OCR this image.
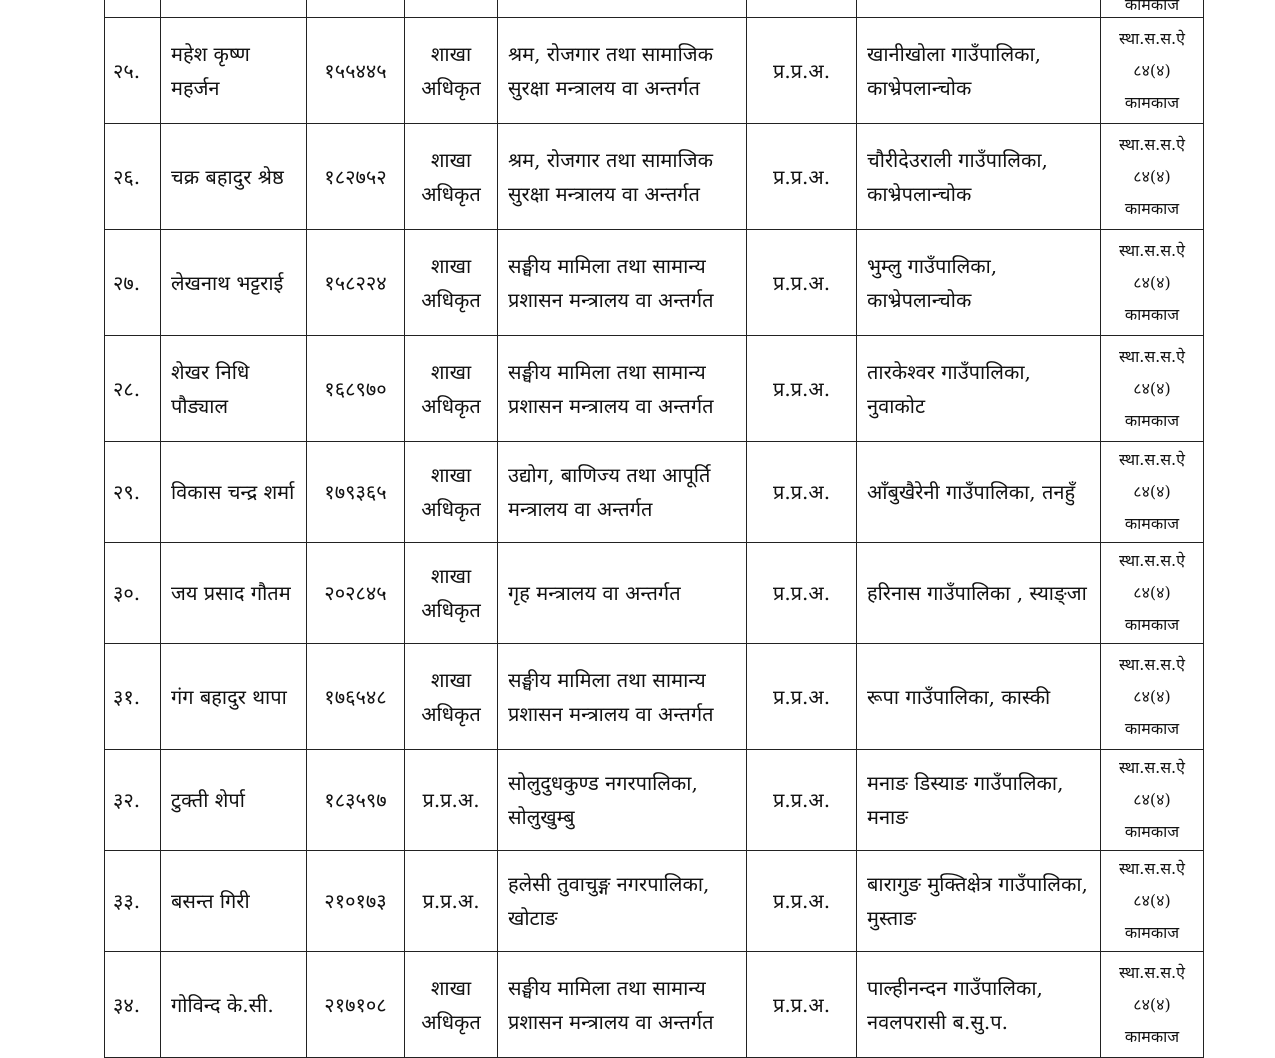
							कामकाज

२५.	महेश कृष्ण महर्जन	१५५४४५	शाखा अधिकृत	श्रम, रोजगार तथा सामाजिक सुरक्षा मन्त्रालय वा अन्तर्गत	प्र.प्र.अ.	खानीखोला गाउँपालिका, काभ्रेपलान्चोक	स्था.स.स.ऐ
८४(४)
कामकाज

२६.	चक्र बहादुर श्रेष्ठ	१८२७५२	शाखा अधिकृत	श्रम, रोजगार तथा सामाजिक सुरक्षा मन्त्रालय वा अन्तर्गत	प्र.प्र.अ.	चौरीदेउराली गाउँपालिका, काभ्रेपलान्चोक	स्था.स.स.ऐ
८४(४)
कामकाज

२७.	लेखनाथ भट्टराई	१५८२२४	शाखा अधिकृत	सङ्घीय मामिला तथा सामान्य प्रशासन मन्त्रालय वा अन्तर्गत	प्र.प्र.अ.	भुम्लु गाउँपालिका, काभ्रेपलान्चोक	स्था.स.स.ऐ
८४(४)
कामकाज

२८.	शेखर निधि पौड्याल	१६८९७०	शाखा अधिकृत	सङ्घीय मामिला तथा सामान्य प्रशासन मन्त्रालय वा अन्तर्गत	प्र.प्र.अ.	तारकेश्वर गाउँपालिका, नुवाकोट	स्था.स.स.ऐ
८४(४)
कामकाज

२९.	विकास चन्द्र शर्मा	१७९३६५	शाखा अधिकृत	उद्योग, बाणिज्य तथा आपूर्ति मन्त्रालय वा अन्तर्गत	प्र.प्र.अ.	आँबुखैरेनी गाउँपालिका, तनहुँ	स्था.स.स.ऐ
८४(४)
कामकाज

३०.	जय प्रसाद गौतम	२०२८४५	शाखा अधिकृत	गृह मन्त्रालय वा अन्तर्गत	प्र.प्र.अ.	हरिनास गाउँपालिका , स्याङ्जा	स्था.स.स.ऐ
८४(४)
कामकाज

३१.	गंग बहादुर थापा	१७६५४८	शाखा अधिकृत	सङ्घीय मामिला तथा सामान्य प्रशासन मन्त्रालय वा अन्तर्गत	प्र.प्र.अ.	रूपा गाउँपालिका, कास्की	स्था.स.स.ऐ
८४(४)
कामकाज

३२.	टुक्ती शेर्पा	१८३५९७	प्र.प्र.अ.	सोलुदुधकुण्ड नगरपालिका, सोलुखुम्बु	प्र.प्र.अ.	मनाङ डिस्याङ गाउँपालिका, मनाङ	स्था.स.स.ऐ
८४(४)
कामकाज

३३.	बसन्त गिरी	२१०१७३	प्र.प्र.अ.	हलेसी तुवाचुङ्ग नगरपालिका, खोटाङ	प्र.प्र.अ.	बारागुङ मुक्तिक्षेत्र गाउँपालिका, मुस्ताङ	स्था.स.स.ऐ
८४(४)
कामकाज

३४.	गोविन्द के.सी.	२१७१०८	शाखा अधिकृत	सङ्घीय मामिला तथा सामान्य प्रशासन मन्त्रालय वा अन्तर्गत	प्र.प्र.अ.	पाल्हीनन्दन गाउँपालिका, नवलपरासी ब.सु.प.	स्था.स.स.ऐ
८४(४)
कामकाज
